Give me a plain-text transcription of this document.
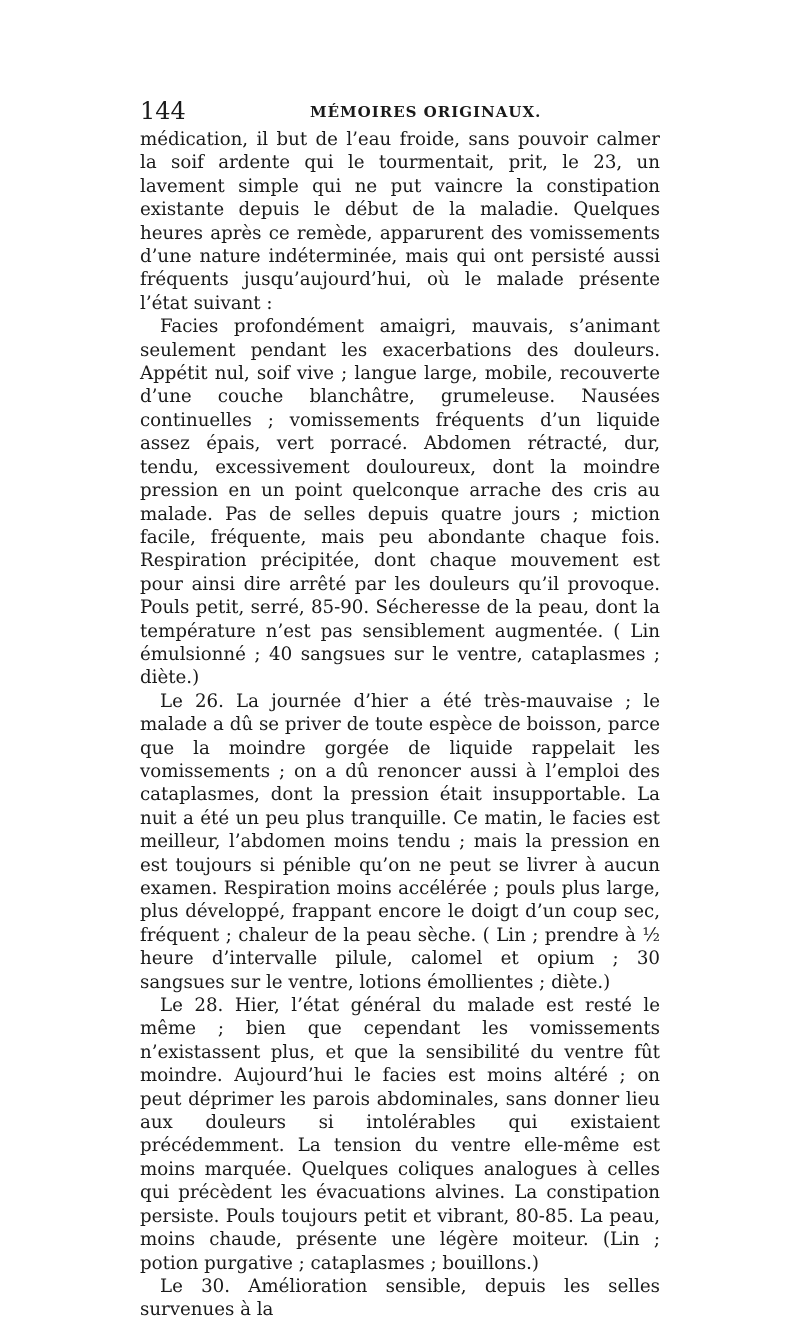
144	MÉMOIRES ORIGINAUX.

médication, il but de l’eau froide, sans pouvoir calmer la soif ardente qui le tourmentait, prit, le 23, un lavement simple qui ne put vaincre la constipation existante depuis le début de la maladie. Quelques heures après ce remède, apparurent des vomissements d’une nature indéterminée, mais qui ont persisté aussi fréquents jusqu’aujourd’hui, où le malade présente l’état suivant :

Facies profondément amaigri, mauvais, s’animant seulement pendant les exacerbations des douleurs. Appétit nul, soif vive ; langue large, mobile, recouverte d’une couche blanchâtre, grumeleuse. Nausées continuelles ; vomissements fréquents d’un liquide assez épais, vert porracé. Abdomen rétracté, dur, tendu, excessivement douloureux, dont la moindre pression en un point quelconque arrache des cris au malade. Pas de selles depuis quatre jours ; miction facile, fréquente, mais peu abondante chaque fois. Respiration précipitée, dont chaque mouvement est pour ainsi dire arrêté par les douleurs qu’il provoque. Pouls petit, serré, 85-90. Sécheresse de la peau, dont la température n’est pas sensiblement augmentée. ( Lin émulsionné ; 40 sangsues sur le ventre, cataplasmes ; diète.)

Le 26. La journée d’hier a été très-mauvaise ; le malade a dû se priver de toute espèce de boisson, parce que la moindre gorgée de liquide rappelait les vomissements ; on a dû renoncer aussi à l’emploi des cataplasmes, dont la pression était insupportable. La nuit a été un peu plus tranquille. Ce matin, le facies est meilleur, l’abdomen moins tendu ; mais la pression en est toujours si pénible qu’on ne peut se livrer à aucun examen. Respiration moins accélérée ; pouls plus large, plus développé, frappant encore le doigt d’un coup sec, fréquent ; chaleur de la peau sèche. ( Lin ; prendre à ½ heure d’intervalle pilule, calomel et opium ; 30 sangsues sur le ventre, lotions émollientes ; diète.)

Le 28. Hier, l’état général du malade est resté le même ; bien que cependant les vomissements n’existassent plus, et que la sensibilité du ventre fût moindre. Aujourd’hui le facies est moins altéré ; on peut déprimer les parois abdominales, sans donner lieu aux douleurs si intolérables qui existaient précédemment. La tension du ventre elle-même est moins marquée. Quelques coliques analogues à celles qui précèdent les évacuations alvines. La constipation persiste. Pouls toujours petit et vibrant, 80-85. La peau, moins chaude, présente une légère moiteur. (Lin ; potion purgative ; cataplasmes ; bouillons.)

Le 30. Amélioration sensible, depuis les selles survenues à la
